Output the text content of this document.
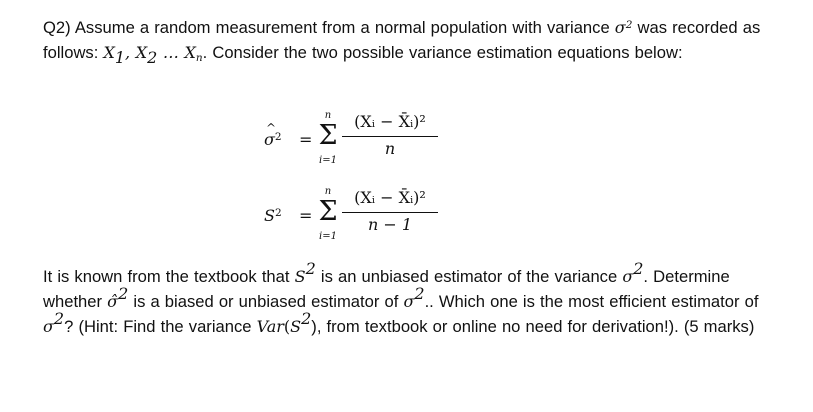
Q2) Assume a random measurement from a normal population with variance $\sigma^2$ was recorded as follows: $X_1$, $X_2$ … $X_n$. Consider the two possible variance estimation equations below:
^ $\sigma^2$ =
n
Σ
i=1
(Xᵢ − X̄ᵢ)²
n
$S^2$ =
n
Σ
i=1
(Xᵢ − X̄ᵢ)²
n − 1
It is known from the textbook that $S^2$ is an unbiased estimator of the variance $\sigma^2$. Determine whether $\sigma^2$ is a biased or unbiased estimator of $\sigma^2$.. Which one is the most efficient estimator of $\sigma^2$? (Hint: Find the variance $Var(S^2)$, from textbook or online no need for derivation!). (5 marks)
